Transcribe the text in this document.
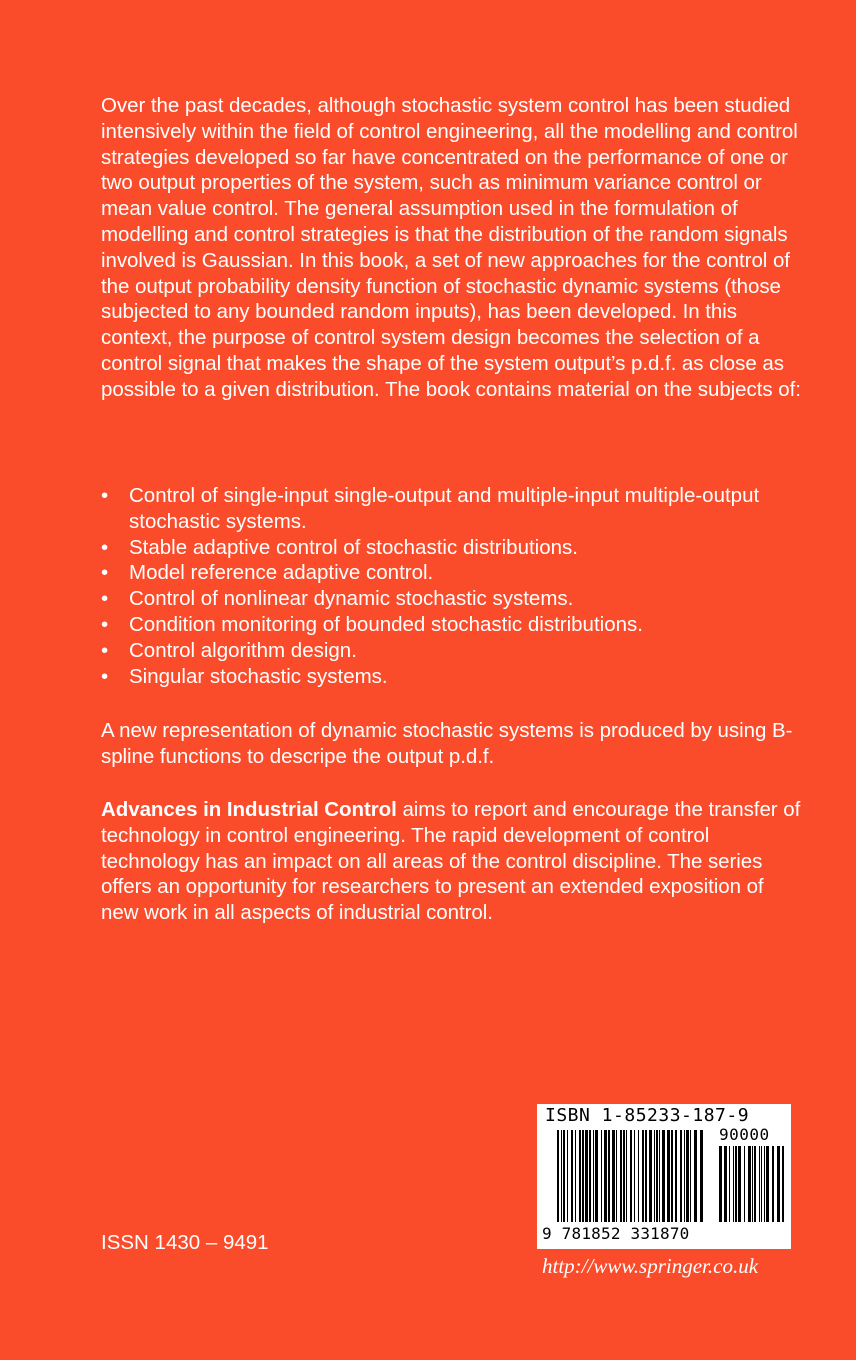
Over the past decades, although stochastic system control has been studied intensively within the field of control engineering, all the modelling and control strategies developed so far have concentrated on the performance of one or two output properties of the system, such as minimum variance control or mean value control. The general assumption used in the formulation of modelling and control strategies is that the distribution of the random signals involved is Gaussian. In this book, a set of new approaches for the control of the output probability density function of stochastic dynamic systems (those subjected to any bounded random inputs), has been developed. In this context, the purpose of control system design becomes the selection of a control signal that makes the shape of the system output’s p.d.f. as close as possible to a given distribution. The book contains material on the subjects of:

• Control of single-input single-output and multiple-input multiple-output stochastic systems.
• Stable adaptive control of stochastic distributions.
• Model reference adaptive control.
• Control of nonlinear dynamic stochastic systems.
• Condition monitoring of bounded stochastic distributions.
• Control algorithm design.
• Singular stochastic systems.

A new representation of dynamic stochastic systems is produced by using B-spline functions to descripe the output p.d.f.

Advances in Industrial Control aims to report and encourage the transfer of technology in control engineering. The rapid development of control technology has an impact on all areas of the control discipline. The series offers an opportunity for researchers to present an extended exposition of new work in all aspects of industrial control.

ISSN 1430 – 9491
ISBN 1-85233-187-9
90000
9 781852 331870
http://www.springer.co.uk
